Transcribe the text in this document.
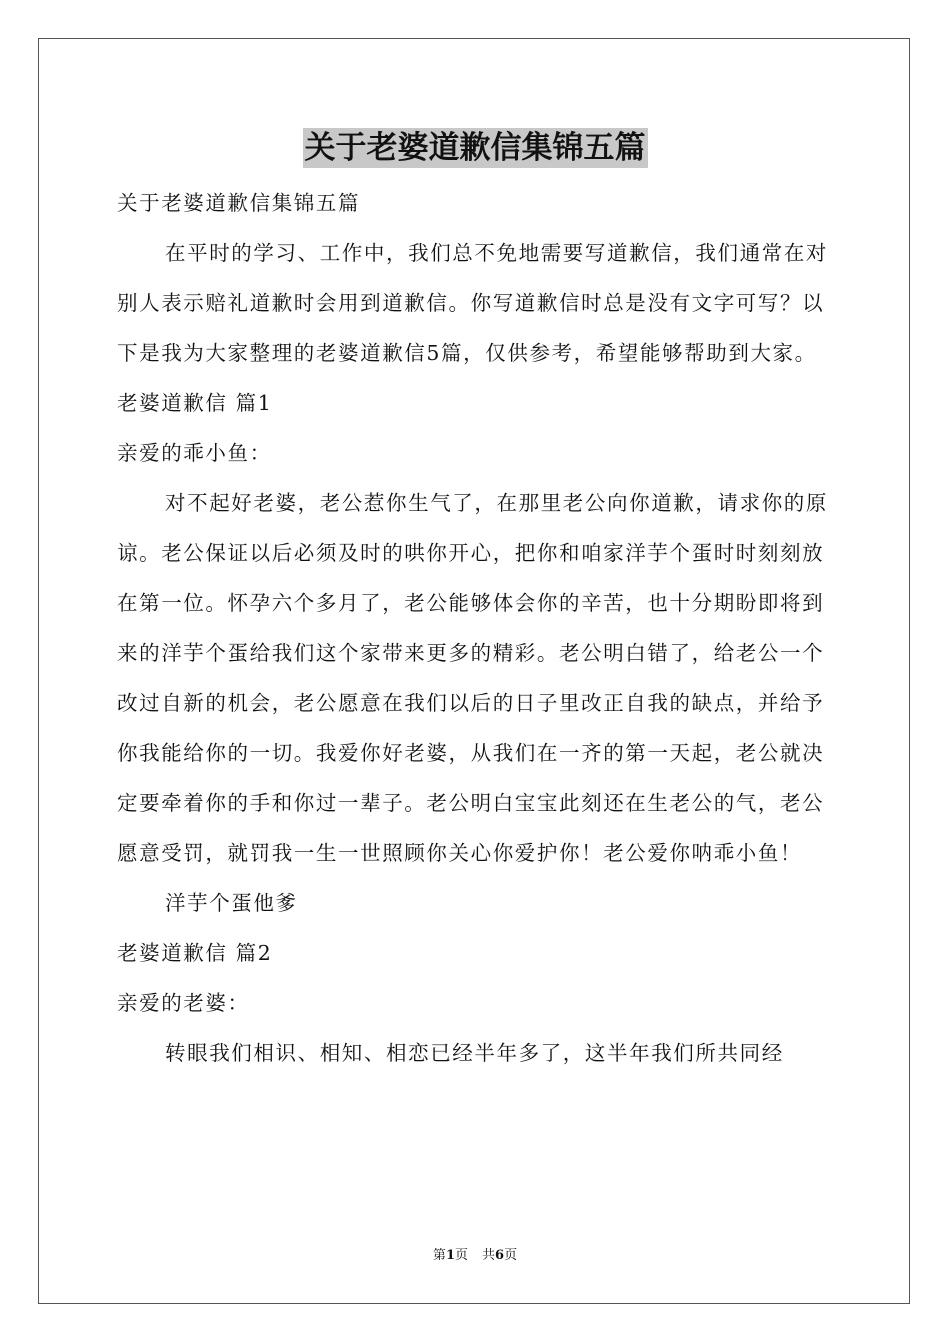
关于老婆道歉信集锦五篇

关于老婆道歉信集锦五篇

在平时的学习、工作中，我们总不免地需要写道歉信，我们通常在对别人表示赔礼道歉时会用到道歉信。你写道歉信时总是没有文字可写？以下是我为大家整理的老婆道歉信5篇，仅供参考，希望能够帮助到大家。

老婆道歉信 篇1

亲爱的乖小鱼：

对不起好老婆，老公惹你生气了，在那里老公向你道歉，请求你的原谅。老公保证以后必须及时的哄你开心，把你和咱家洋芋个蛋时时刻刻放在第一位。怀孕六个多月了，老公能够体会你的辛苦，也十分期盼即将到来的洋芋个蛋给我们这个家带来更多的精彩。老公明白错了，给老公一个改过自新的机会，老公愿意在我们以后的日子里改正自我的缺点，并给予你我能给你的一切。我爱你好老婆，从我们在一齐的第一天起，老公就决定要牵着你的手和你过一辈子。老公明白宝宝此刻还在生老公的气，老公愿意受罚，就罚我一生一世照顾你关心你爱护你！老公爱你呐乖小鱼！

洋芋个蛋他爹

老婆道歉信 篇2

亲爱的老婆：

转眼我们相识、相知、相恋已经半年多了，这半年我们所共同经

第1页 共6页
